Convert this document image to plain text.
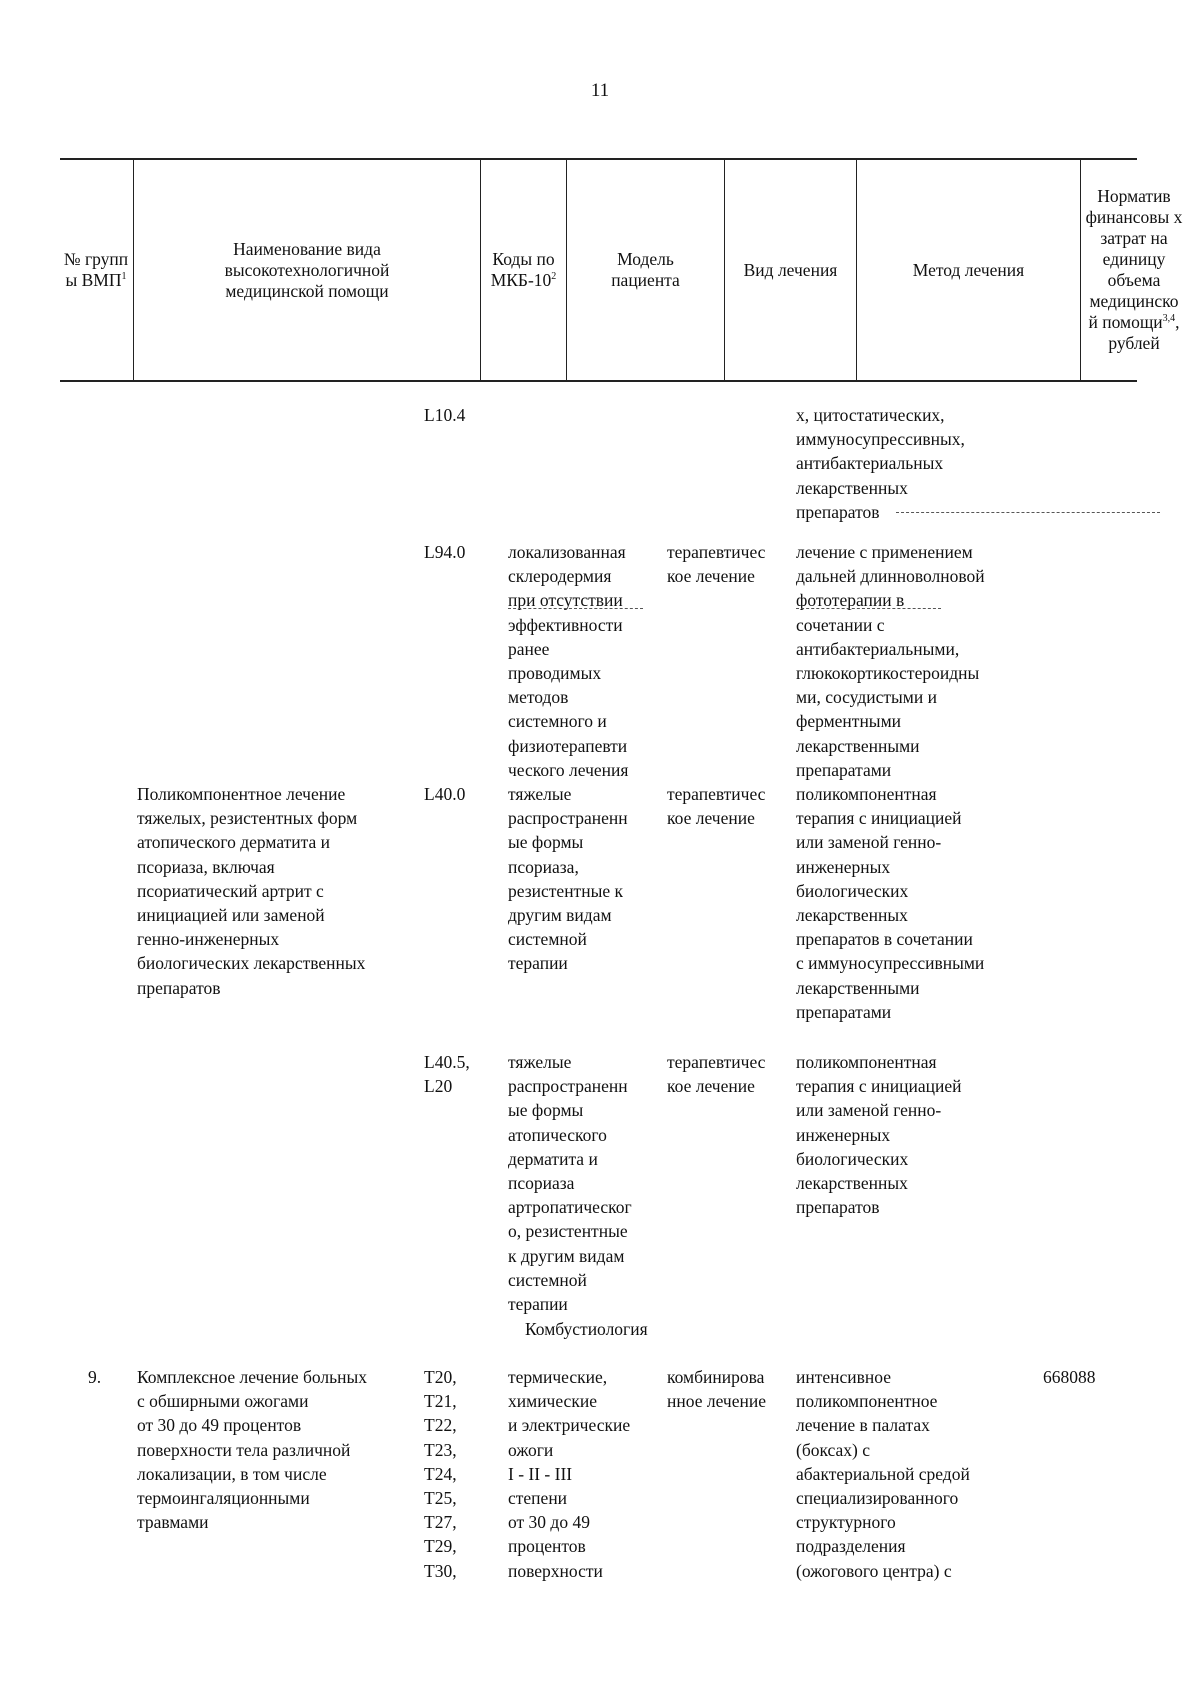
11
№ групп ы ВМП$^1$
Наименование вида высокотехнологичной медицинской помощи
Коды по МКБ-$10^2$
Модель пациента
Вид лечения	Метод лечения
Норматив финансовы х затрат на единицу объема медицинско й помощи$^{3,4}$, рублей
L10.4	х, цитостатических,
иммуносупрессивных,
антибактериальных
лекарственных
препаратов
L94.0 локализованная
склеродермия
при отсутствии
эффективности
ранее
проводимых
методов
системного и
физиотерапевти
ческого лечения
терапевтичес
кое лечение
лечение с применением
дальней длинноволновой
фототерапии в
сочетании с
антибактериальными,
глюкокортикостероидны
ми, сосудистыми и
ферментными
лекарственными
препаратами
Поликомпонентное лечение
тяжелых, резистентных форм
атопического дерматита и
псориаза, включая
псориатический артрит с
инициацией или заменой
генно-инженерных
биологических лекарственных
препаратов
L40.0 тяжелые
распространенн
ые формы
псориаза,
резистентные к
другим видам
системной
терапии
терапевтичес
кое лечение
поликомпонентная
терапия с инициацией
или заменой генно-
инженерных
биологических
лекарственных
препаратов в сочетании
с иммуносупрессивными
лекарственными
препаратами
L40.5,
L20
тяжелые
распространенн
ые формы
атопического
дерматита и
псориаза
артропатическог
о, резистентные
к другим видам
системной
терапии
терапевтичес
кое лечение
поликомпонентная
терапия с инициацией
или заменой генно-
инженерных
биологических
лекарственных
препаратов
Комбустиология
9. Комплексное лечение больных
с обширными ожогами
от 30 до 49 процентов
поверхности тела различной
локализации, в том числе
термоингаляционными
травмами
T20,
T21,
T22,
T23,
T24,
T25,
T27,
T29,
T30,
термические,
химические
и электрические
ожоги
I - II - III
степени
от 30 до 49
процентов
поверхности
комбинирова
нное лечение
интенсивное
поликомпонентное
лечение в палатах
(боксах) с
абактериальной средой
специализированного
структурного
подразделения
(ожогового центра) с
668088
